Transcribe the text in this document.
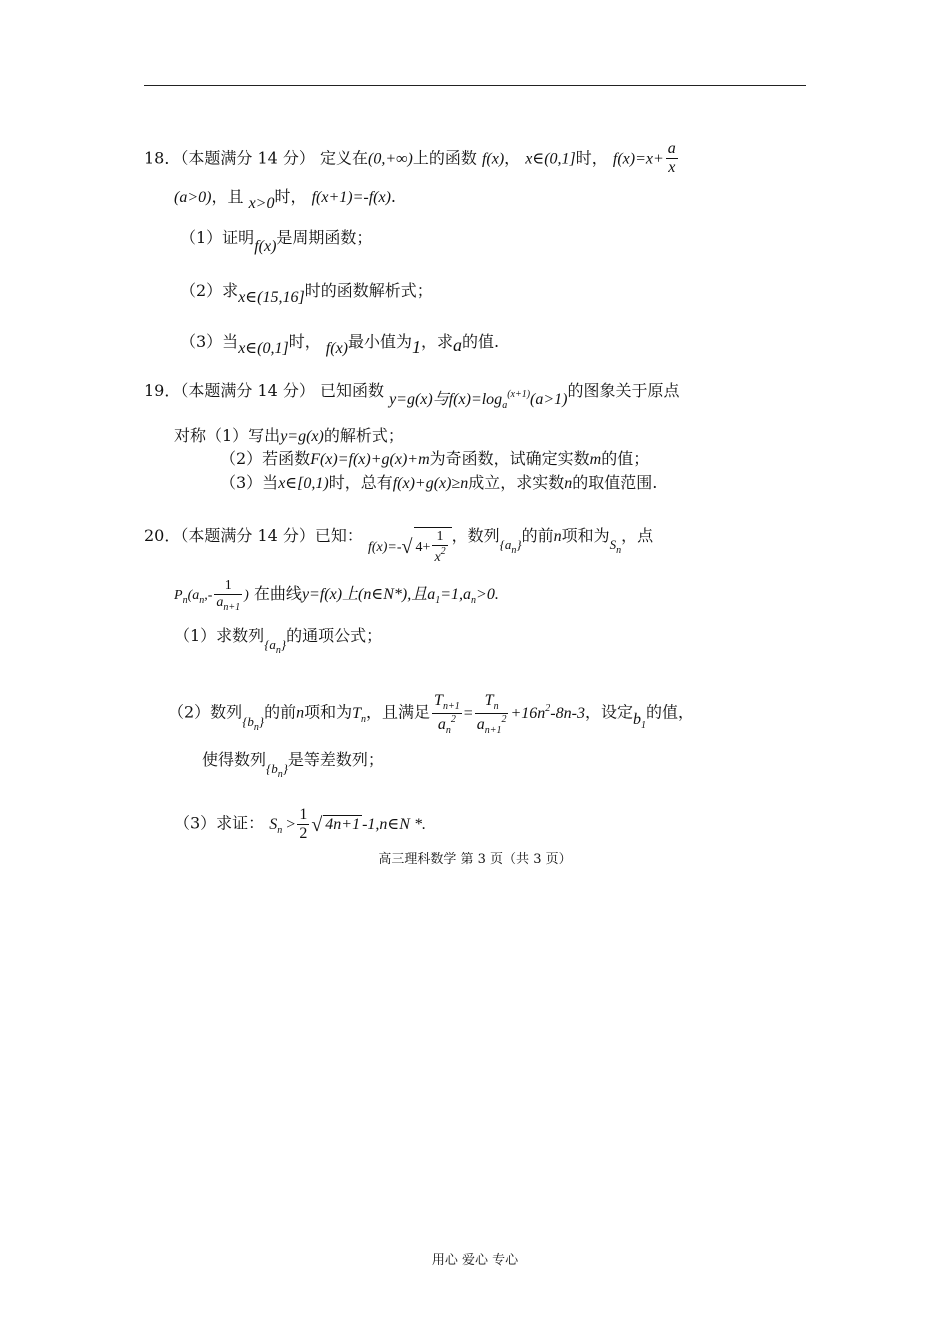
18．（本题满分 14 分） 定义在(0,+∞)上的函数 f(x)， x∈(0,1]时， $f(x)=x+ \frac{a}{x}$
(a>0)，且 x>0时， f(x+1)=-f(x).
（1）证明f(x)是周期函数；
（2）求x∈(15,16]时的函数解析式；
（3）当x∈(0,1]时， f(x)最小值为1，求a的值.
19．（本题满分 14 分） 已知函数 y=g(x)与$f(x)=\log_a^{(x+1)}(a>1)$的图象关于原点
对称（1）写出y=g(x)的解析式；
（2）若函数F(x)=f(x)+g(x)+m为奇函数，试确定实数m的值；
（3）当x∈[0,1)时，总有f(x)+g(x)≥n成立，求实数n的取值范围.
20．（本题满分 14 分）已知： f(x)=-√ $4+ \frac{1}{x^2}$ ，数列$_{\{a_n\}}$的前n项和为$_{S_n}$，点
$P_n(a_n,- \frac{1}{a_{n+1}}$ ) 在曲线y=f(x)上(n∈N*),且$a_1=1,a_n>0$.
（1）求数列$_{\{a_n\}}$的通项公式；
（2）数列$_{\{b_n\}}$的前n项和为$T_n$，且满足 $\frac{T_{n+1}}{a_n^2} = \frac{T_n}{a_{n+1}^2} +16n^2-8n-3$，设定$b_1$的值，
使得数列$_{\{b_n\}}$是等差数列；
（3）求证： $S_n > \frac{1}{2}$ √ 4n+1 -1,n∈N *.
高三理科数学 第 3 页（共 3 页）
用心 爱心 专心
